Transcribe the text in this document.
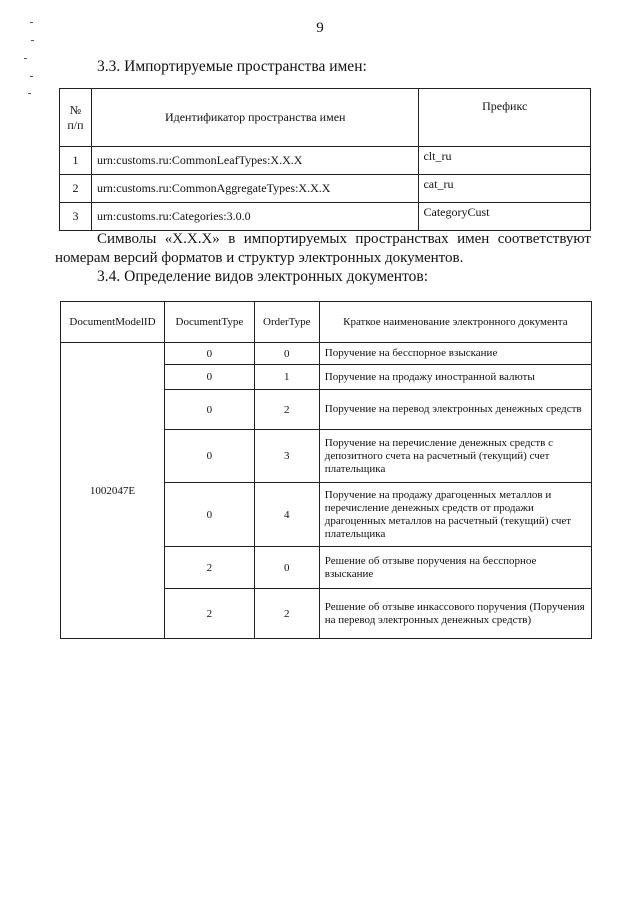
9
3.3. Импортируемые пространства имен:
№ п/п	Идентификатор пространства имен	Префикс
1	urn:customs.ru:CommonLeafTypes:X.X.X	clt_ru
2	urn:customs.ru:CommonAggregateTypes:X.X.X	cat_ru
3	urn:customs.ru:Categories:3.0.0	CategoryCust
Символы «X.X.X» в импортируемых пространствах имен соответствуют
номерам версий форматов и структур электронных документов.
3.4. Определение видов электронных документов:
DocumentModelID	DocumentType	OrderType	Краткое наименование электронного документа
1002047E	0	0	Поручение на бесспорное взыскание
	0	1	Поручение на продажу иностранной валюты
	0	2	Поручение на перевод электронных денежных средств
	0	3	Поручение на перечисление денежных средств с депозитного счета на расчетный (текущий) счет плательщика
	0	4	Поручение на продажу драгоценных металлов и перечисление денежных средств от продажи драгоценных металлов на расчетный (текущий) счет плательщика
	2	0	Решение об отзыве поручения на бесспорное взыскание
	2	2	Решение об отзыве инкассового поручения (Поручения на перевод электронных денежных средств)
